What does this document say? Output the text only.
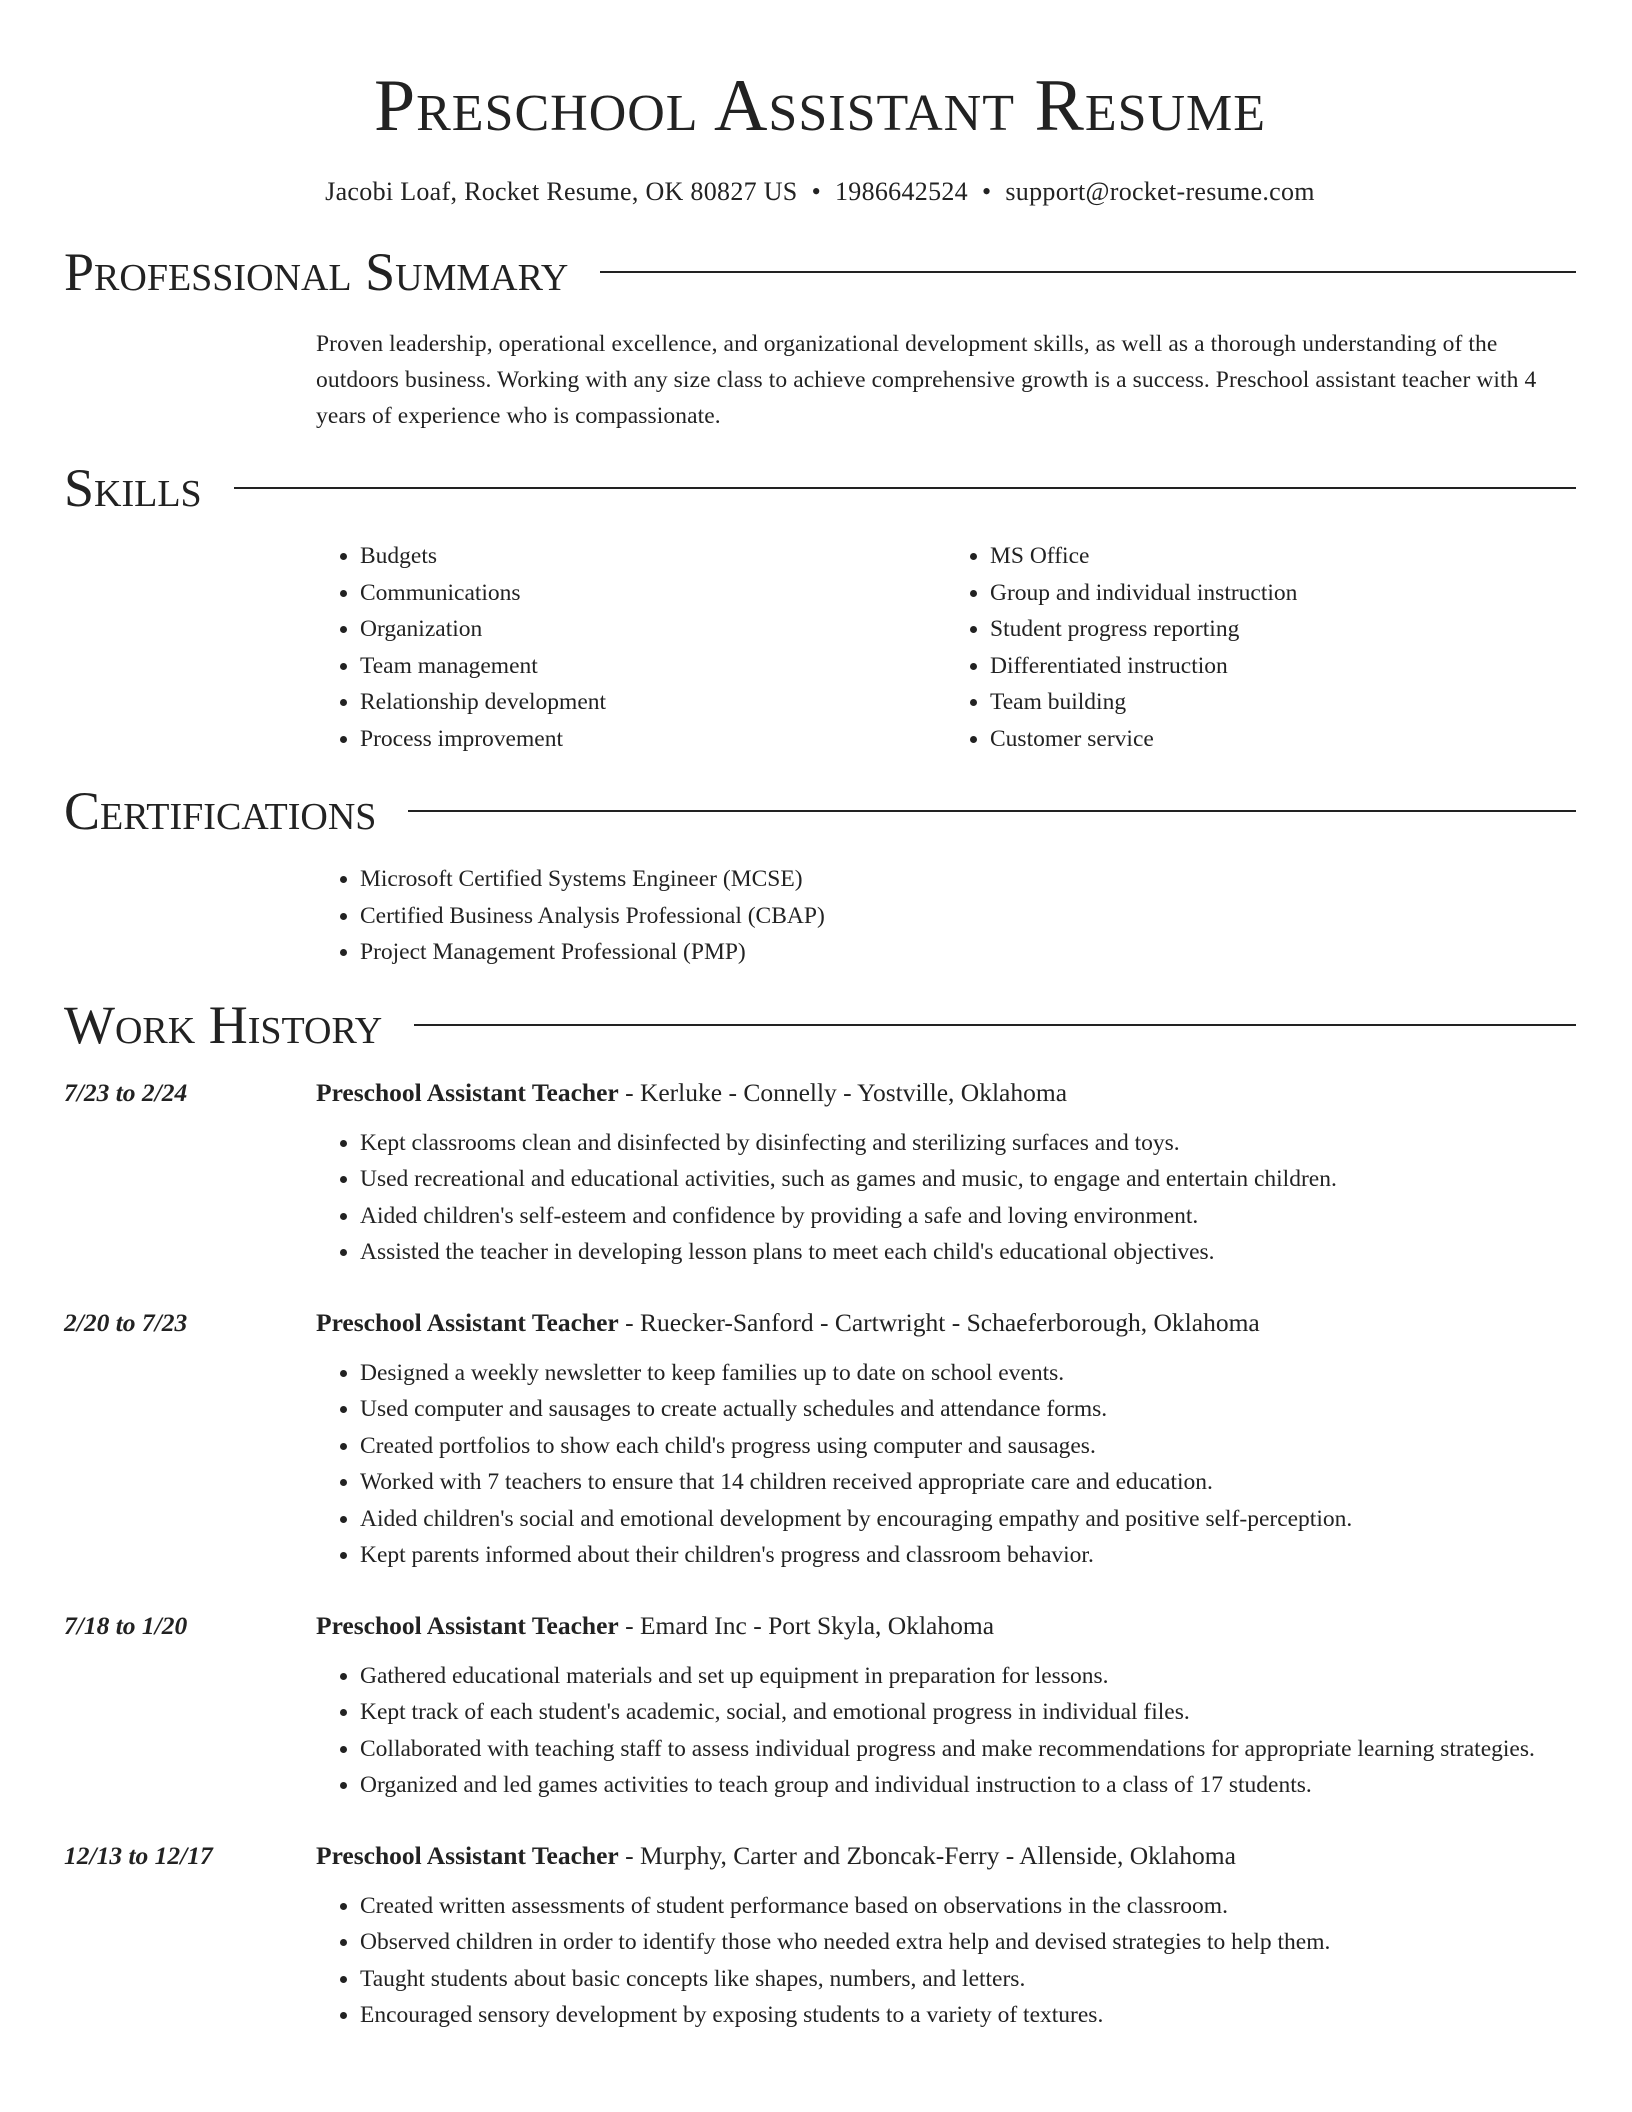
Preschool Assistant Resume
Jacobi Loaf, Rocket Resume, OK 80827 US • 1986642524 • support@rocket-resume.com
Professional Summary
Proven leadership, operational excellence, and organizational development skills, as well as a thorough understanding of the outdoors business. Working with any size class to achieve comprehensive growth is a success. Preschool assistant teacher with 4 years of experience who is compassionate.
Skills
• Budgets
• Communications
• Organization
• Team management
• Relationship development
• Process improvement
• MS Office
• Group and individual instruction
• Student progress reporting
• Differentiated instruction
• Team building
• Customer service
Certifications
• Microsoft Certified Systems Engineer (MCSE)
• Certified Business Analysis Professional (CBAP)
• Project Management Professional (PMP)
Work History
7/23 to 2/24	Preschool Assistant Teacher - Kerluke - Connelly - Yostville, Oklahoma
• Kept classrooms clean and disinfected by disinfecting and sterilizing surfaces and toys.
• Used recreational and educational activities, such as games and music, to engage and entertain children.
• Aided children's self-esteem and confidence by providing a safe and loving environment.
• Assisted the teacher in developing lesson plans to meet each child's educational objectives.
2/20 to 7/23	Preschool Assistant Teacher - Ruecker-Sanford - Cartwright - Schaeferborough, Oklahoma
• Designed a weekly newsletter to keep families up to date on school events.
• Used computer and sausages to create actually schedules and attendance forms.
• Created portfolios to show each child's progress using computer and sausages.
• Worked with 7 teachers to ensure that 14 children received appropriate care and education.
• Aided children's social and emotional development by encouraging empathy and positive self-perception.
• Kept parents informed about their children's progress and classroom behavior.
7/18 to 1/20	Preschool Assistant Teacher - Emard Inc - Port Skyla, Oklahoma
• Gathered educational materials and set up equipment in preparation for lessons.
• Kept track of each student's academic, social, and emotional progress in individual files.
• Collaborated with teaching staff to assess individual progress and make recommendations for appropriate learning strategies.
• Organized and led games activities to teach group and individual instruction to a class of 17 students.
12/13 to 12/17	Preschool Assistant Teacher - Murphy, Carter and Zboncak-Ferry - Allenside, Oklahoma
• Created written assessments of student performance based on observations in the classroom.
• Observed children in order to identify those who needed extra help and devised strategies to help them.
• Taught students about basic concepts like shapes, numbers, and letters.
• Encouraged sensory development by exposing students to a variety of textures.
